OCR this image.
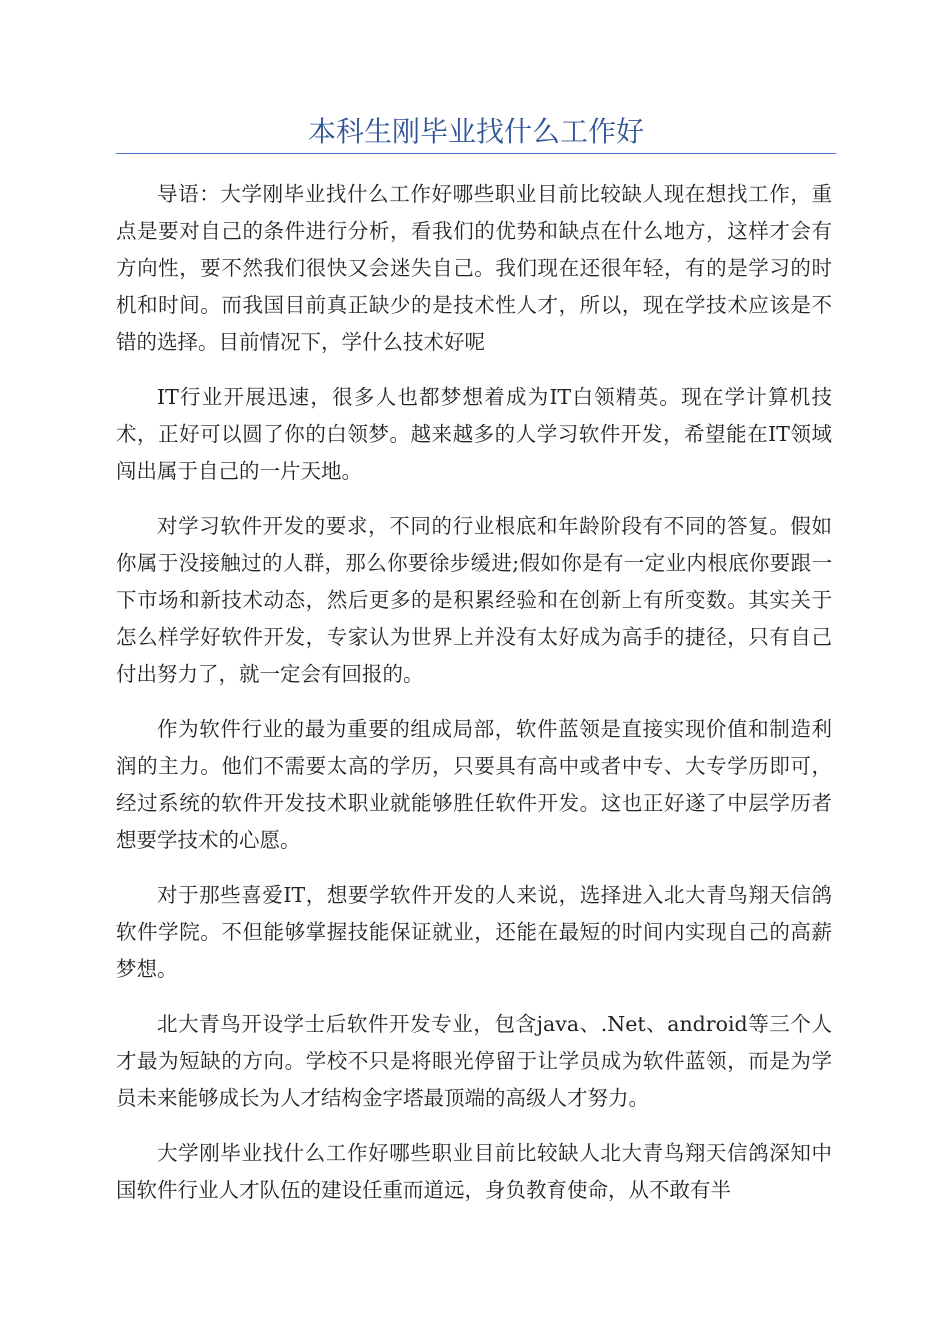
本科生刚毕业找什么工作好

导语：大学刚毕业找什么工作好哪些职业目前比较缺人现在想找工作，重点是要对自己的条件进行分析，看我们的优势和缺点在什么地方，这样才会有方向性，要不然我们很快又会迷失自己。我们现在还很年轻，有的是学习的时机和时间。而我国目前真正缺少的是技术性人才，所以，现在学技术应该是不错的选择。目前情况下，学什么技术好呢

IT行业开展迅速，很多人也都梦想着成为IT白领精英。现在学计算机技术，正好可以圆了你的白领梦。越来越多的人学习软件开发，希望能在IT领域闯出属于自己的一片天地。

对学习软件开发的要求，不同的行业根底和年龄阶段有不同的答复。假如你属于没接触过的人群，那么你要徐步缓进;假如你是有一定业内根底你要跟一下市场和新技术动态，然后更多的是积累经验和在创新上有所变数。其实关于怎么样学好软件开发，专家认为世界上并没有太好成为高手的捷径，只有自己付出努力了，就一定会有回报的。

作为软件行业的最为重要的组成局部，软件蓝领是直接实现价值和制造利润的主力。他们不需要太高的学历，只要具有高中或者中专、大专学历即可，经过系统的软件开发技术职业就能够胜任软件开发。这也正好遂了中层学历者想要学技术的心愿。

对于那些喜爱IT，想要学软件开发的人来说，选择进入北大青鸟翔天信鸽软件学院。不但能够掌握技能保证就业，还能在最短的时间内实现自己的高薪梦想。

北大青鸟开设学士后软件开发专业，包含java、.Net、android等三个人才最为短缺的方向。学校不只是将眼光停留于让学员成为软件蓝领，而是为学员未来能够成长为人才结构金字塔最顶端的高级人才努力。

大学刚毕业找什么工作好哪些职业目前比较缺人北大青鸟翔天信鸽深知中国软件行业人才队伍的建设任重而道远，身负教育使命，从不敢有半
